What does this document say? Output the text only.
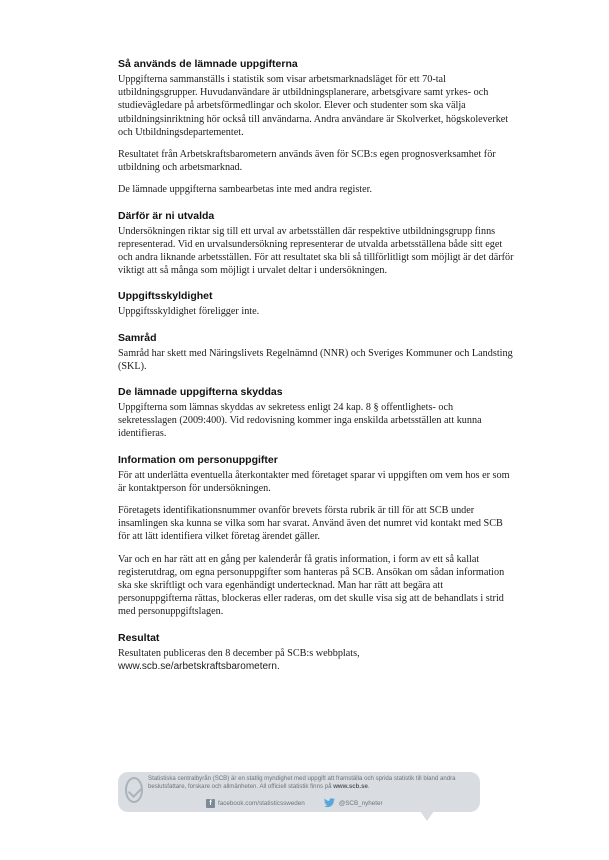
Så används de lämnade uppgifterna

Uppgifterna sammanställs i statistik som visar arbetsmarknadsläget för ett 70-tal utbildningsgrupper. Huvudanvändare är utbildningsplanerare, arbetsgivare samt yrkes- och studievägledare på arbetsförmedlingar och skolor. Elever och studenter som ska välja utbildningsinriktning hör också till användarna. Andra användare är Skolverket, högskoleverket och Utbildningsdepartementet.

Resultatet från Arbetskraftsbarometern används även för SCB:s egen prognosverksamhet för utbildning och arbetsmarknad.

De lämnade uppgifterna sambearbetas inte med andra register.

Därför är ni utvalda

Undersökningen riktar sig till ett urval av arbetsställen där respektive utbildningsgrupp finns representerad. Vid en urvalsundersökning representerar de utvalda arbetsställena både sitt eget och andra liknande arbetsställen. För att resultatet ska bli så tillförlitligt som möjligt är det därför viktigt att så många som möjligt i urvalet deltar i undersökningen.

Uppgiftsskyldighet

Uppgiftsskyldighet föreligger inte.

Samråd

Samråd har skett med Näringslivets Regelnämnd (NNR) och Sveriges Kommuner och Landsting (SKL).

De lämnade uppgifterna skyddas

Uppgifterna som lämnas skyddas av sekretess enligt 24 kap. 8 § offentlighets- och sekretesslagen (2009:400). Vid redovisning kommer inga enskilda arbetsställen att kunna identifieras.

Information om personuppgifter

För att underlätta eventuella återkontakter med företaget sparar vi uppgiften om vem hos er som är kontaktperson för undersökningen.

Företagets identifikationsnummer ovanför brevets första rubrik är till för att SCB under insamlingen ska kunna se vilka som har svarat. Använd även det numret vid kontakt med SCB för att lätt identifiera vilket företag ärendet gäller.

Var och en har rätt att en gång per kalenderår få gratis information, i form av ett så kallat registerutdrag, om egna personuppgifter som hanteras på SCB. Ansökan om sådan information ska ske skriftligt och vara egenhändigt undertecknad. Man har rätt att begära att personuppgifterna rättas, blockeras eller raderas, om det skulle visa sig att de behandlats i strid med personuppgiftslagen.

Resultat

Resultaten publiceras den 8 december på SCB:s webbplats,
www.scb.se/arbetskraftsbarometern.

Statistiska centralbyrån (SCB) är en statlig myndighet med uppgift att framställa och sprida statistik till bland andra beslutsfattare, forskare och allmänheten. All officiell statistik finns på www.scb.se.
f	facebook.com/statisticssweden	@SCB_nyheter
